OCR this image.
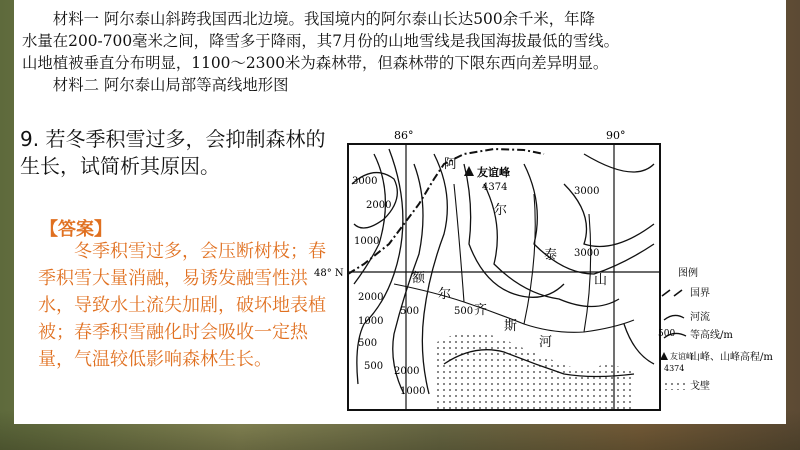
材料一 阿尔泰山斜跨我国西北边境。我国境内的阿尔泰山长达500余千米，年降

水量在200-700毫米之间，降雪多于降雨，其7月份的山地雪线是我国海拔最低的雪线。

山地植被垂直分布明显，1100～2300米为森林带，但森林带的下限东西向差异明显。

材料二 阿尔泰山局部等高线地形图

9. 若冬季积雪过多，会抑制森林的生长，试简析其原因。
【答案】
冬季积雪过多，会压断树枝；春季积雪大量消融，易诱发融雪性洪水，导致水土流失加剧，破坏地表植被；春季积雪融化时会吸收一定热量，气温较低影响森林生长。
86°	90°
48° N
3000
2000
1000
2000
1000
500
500
500	500
1000
2000
3000
3000
友谊峰
4374
阿
尔
泰
山
额
尔
齐
斯
河
图例
国界
河流
500 等高线/m
友谊峰
4374
山峰、山峰高程/m
戈壁
